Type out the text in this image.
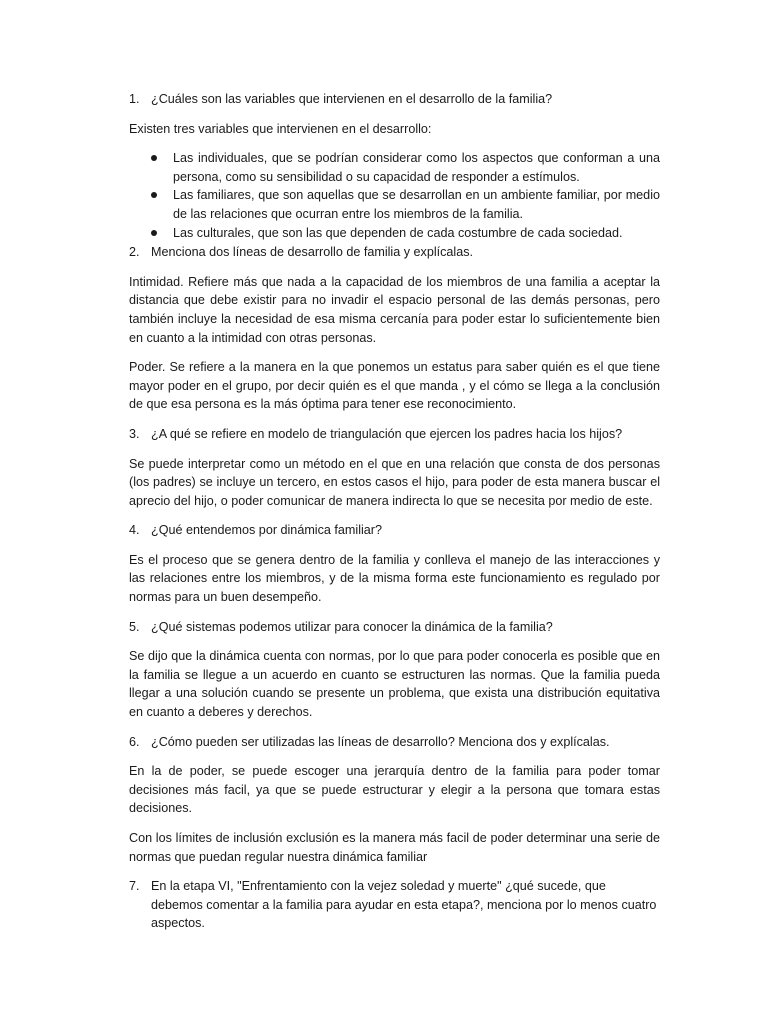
1. ¿Cuáles son las variables que intervienen en el desarrollo de la familia?

Existen tres variables que intervienen en el desarrollo:

Las individuales, que se podrían considerar como los aspectos que conforman a una persona, como su sensibilidad o su capacidad de responder a estímulos.
Las familiares, que son aquellas que se desarrollan en un ambiente familiar, por medio de las relaciones que ocurran entre los miembros de la familia.
Las culturales, que son las que dependen de cada costumbre de cada sociedad.
2. Menciona dos líneas de desarrollo de familia y explícalas.

Intimidad. Refiere más que nada a la capacidad de los miembros de una familia a aceptar la distancia que debe existir para no invadir el espacio personal de las demás personas, pero también incluye la necesidad de esa misma cercanía para poder estar lo suficientemente bien en cuanto a la intimidad con otras personas.

Poder. Se refiere a la manera en la que ponemos un estatus para saber quién es el que tiene mayor poder en el grupo, por decir quién es el que manda , y el cómo se llega a la conclusión de que esa persona es la más óptima para tener ese reconocimiento.

3. ¿A qué se refiere en modelo de triangulación que ejercen los padres hacia los hijos?

Se puede interpretar como un método en el que en una relación que consta de dos personas (los padres) se incluye un tercero, en estos casos el hijo, para poder de esta manera buscar el aprecio del hijo, o poder comunicar de manera indirecta lo que se necesita por medio de este.

4. ¿Qué entendemos por dinámica familiar?

Es el proceso que se genera dentro de la familia y conlleva el manejo de las interacciones y las relaciones entre los miembros, y de la misma forma este funcionamiento es regulado por normas para un buen desempeño.

5. ¿Qué sistemas podemos utilizar para conocer la dinámica de la familia?

Se dijo que la dinámica cuenta con normas, por lo que para poder conocerla es posible que en la familia se llegue a un acuerdo en cuanto se estructuren las normas. Que la familia pueda llegar a una solución cuando se presente un problema, que exista una distribución equitativa en cuanto a deberes y derechos.

6. ¿Cómo pueden ser utilizadas las líneas de desarrollo? Menciona dos y explícalas.

En la de poder, se puede escoger una jerarquía dentro de la familia para poder tomar decisiones más facil, ya que se puede estructurar y elegir a la persona que tomara estas decisiones.

Con los límites de inclusión exclusión es la manera más facil de poder determinar una serie de normas que puedan regular nuestra dinámica familiar

7. En la etapa VI, "Enfrentamiento con la vejez soledad y muerte" ¿qué sucede, que debemos comentar a la familia para ayudar en esta etapa?, menciona por lo menos cuatro aspectos.
